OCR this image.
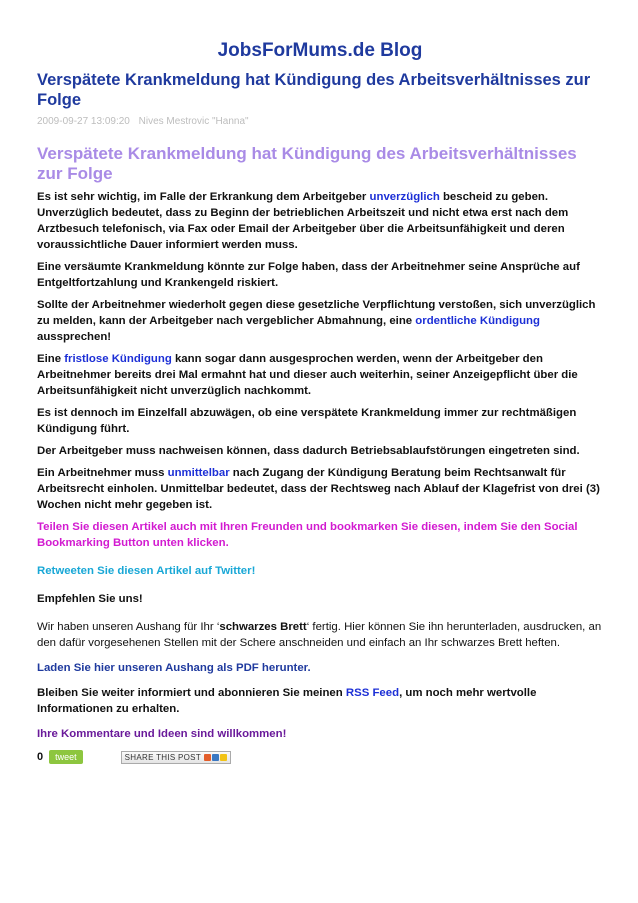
JobsForMums.de Blog
Verspätete Krankmeldung hat Kündigung des Arbeitsverhältnisses zur Folge
2009-09-27 13:09:20 Nives Mestrovic "Hanna"
Verspätete Krankmeldung hat Kündigung des Arbeitsverhältnisses zur Folge

Es ist sehr wichtig, im Falle der Erkrankung dem Arbeitgeber unverzüglich bescheid zu geben. Unverzüglich bedeutet, dass zu Beginn der betrieblichen Arbeitszeit und nicht etwa erst nach dem Arztbesuch telefonisch, via Fax oder Email der Arbeitgeber über die Arbeitsunfähigkeit und deren voraussichtliche Dauer informiert werden muss.

Eine versäumte Krankmeldung könnte zur Folge haben, dass der Arbeitnehmer seine Ansprüche auf Entgeltfortzahlung und Krankengeld riskiert.

Sollte der Arbeitnehmer wiederholt gegen diese gesetzliche Verpflichtung verstoßen, sich unverzüglich zu melden, kann der Arbeitgeber nach vergeblicher Abmahnung, eine ordentliche Kündigung aussprechen!

Eine fristlose Kündigung kann sogar dann ausgesprochen werden, wenn der Arbeitgeber den Arbeitnehmer bereits drei Mal ermahnt hat und dieser auch weiterhin, seiner Anzeigepflicht über die Arbeitsunfähigkeit nicht unverzüglich nachkommt.

Es ist dennoch im Einzelfall abzuwägen, ob eine verspätete Krankmeldung immer zur rechtmäßigen Kündigung führt.

Der Arbeitgeber muss nachweisen können, dass dadurch Betriebsablaufstörungen eingetreten sind.

Ein Arbeitnehmer muss unmittelbar nach Zugang der Kündigung Beratung beim Rechtsanwalt für Arbeitsrecht einholen. Unmittelbar bedeutet, dass der Rechtsweg nach Ablauf der Klagefrist von drei (3) Wochen nicht mehr gegeben ist.

Teilen Sie diesen Artikel auch mit Ihren Freunden und bookmarken Sie diesen, indem Sie den Social Bookmarking Button unten klicken.

Retweeten Sie diesen Artikel auf Twitter!

Empfehlen Sie uns!

Wir haben unseren Aushang für Ihr ‘schwarzes Brett‘ fertig. Hier können Sie ihn herunterladen, ausdrucken, an den dafür vorgesehenen Stellen mit der Schere anschneiden und einfach an Ihr schwarzes Brett heften.

Laden Sie hier unseren Aushang als PDF herunter.

Bleiben Sie weiter informiert und abonnieren Sie meinen RSS Feed, um noch mehr wertvolle Informationen zu erhalten.

Ihre Kommentare und Ideen sind willkommen!

0	tweet	SHARE THIS POST
